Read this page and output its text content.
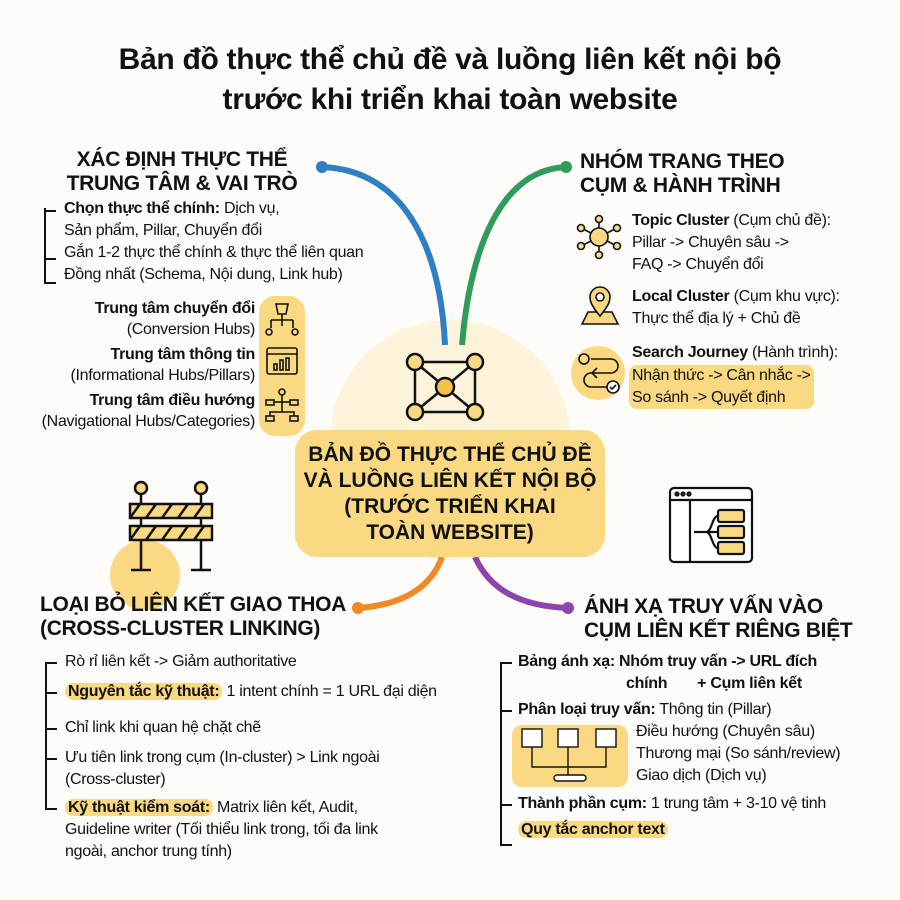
Bản đồ thực thể chủ đề và luồng liên kết nội bộ
trước khi triển khai toàn website
BẢN ĐỒ THỰC THỂ CHỦ ĐỀ
VÀ LUỒNG LIÊN KẾT NỘI BỘ
(TRƯỚC TRIỂN KHAI
TOÀN WEBSITE)
XÁC ĐỊNH THỰC THỂ
TRUNG TÂM & VAI TRÒ
Chọn thực thể chính: Dịch vụ,
Sản phẩm, Pillar, Chuyển đổi
Gắn 1-2 thực thể chính & thực thể liên quan
Đồng nhất (Schema, Nội dung, Link hub)
Trung tâm chuyển đổi
(Conversion Hubs)
Trung tâm thông tin
(Informational Hubs/Pillars)
Trung tâm điều hướng
(Navigational Hubs/Categories)
NHÓM TRANG THEO
CỤM & HÀNH TRÌNH
Topic Cluster (Cụm chủ đề):
Pillar -> Chuyên sâu ->
FAQ -> Chuyển đổi
Local Cluster (Cụm khu vực):
Thực thể địa lý + Chủ đề
Search Journey (Hành trình): Nhận thức -> Cân nhắc ->
So sánh -> Quyết định
LOẠI BỎ LIÊN KẾT GIAO THOA
(CROSS-CLUSTER LINKING)
Rò rỉ liên kết -> Giảm authoritative
Nguyên tắc kỹ thuật: 1 intent chính = 1 URL đại diện
Chỉ link khi quan hệ chặt chẽ
Ưu tiên link trong cụm (In-cluster) > Link ngoài
(Cross-cluster)
Kỹ thuật kiểm soát: Matrix liên kết, Audit,
Guideline writer (Tối thiểu link trong, tối đa link
ngoài, anchor trung tính)
ÁNH XẠ TRUY VẤN VÀO
CỤM LIÊN KẾT RIÊNG BIỆT
Bảng ánh xạ: Nhóm truy vấn -> URL đích
chính + Cụm liên kết
Phân loại truy vấn: Thông tin (Pillar)
Điều hướng (Chuyên sâu)
Thương mại (So sánh/review)
Giao dịch (Dịch vụ)
Thành phần cụm: 1 trung tâm + 3-10 vệ tinh
Quy tắc anchor text
